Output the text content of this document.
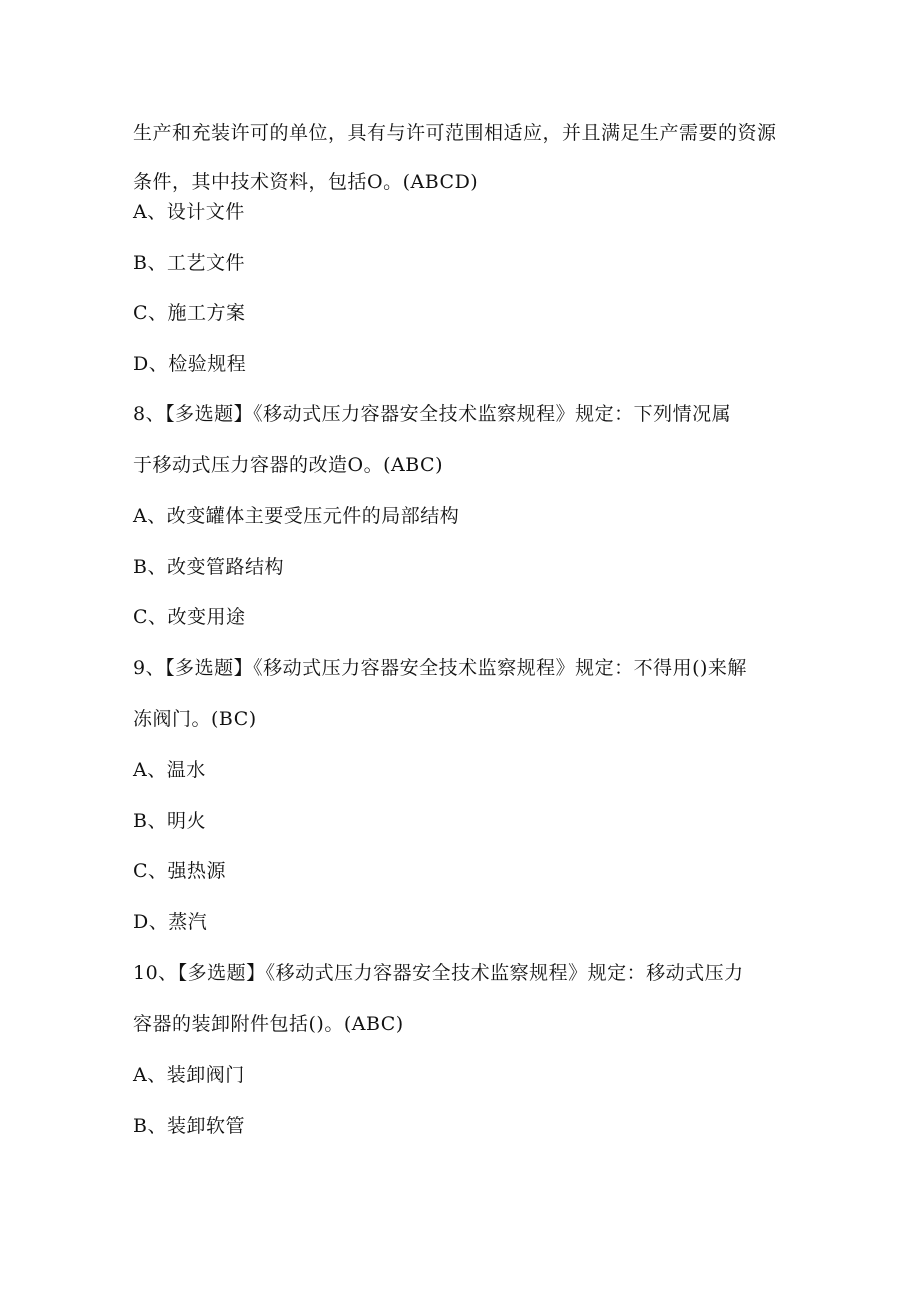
生产和充装许可的单位，具有与许可范围相适应，并且满足生产需要的资源
条件，其中技术资料，包括O。(ABCD)
A、设计文件
B、工艺文件
C、施工方案
D、检验规程
8、【多选题】《移动式压力容器安全技术监察规程》规定：下列情况属
于移动式压力容器的改造O。(ABC)
A、改变罐体主要受压元件的局部结构
B、改变管路结构
C、改变用途
9、【多选题】《移动式压力容器安全技术监察规程》规定：不得用()来解
冻阀门。(BC)
A、温水
B、明火
C、强热源
D、蒸汽
10、【多选题】《移动式压力容器安全技术监察规程》规定：移动式压力
容器的装卸附件包括()。(ABC)
A、装卸阀门
B、装卸软管
